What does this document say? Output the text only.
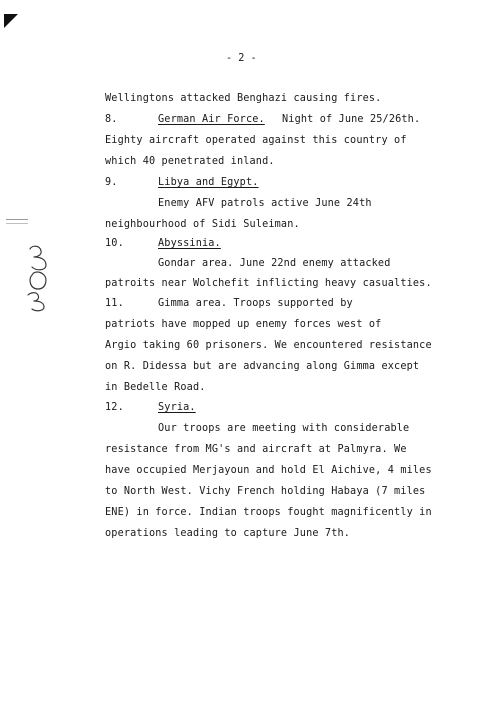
- 2 -
Wellingtons attacked Benghazi causing fires.
8.	German Air Force. Night of June 25/26th.
Eighty aircraft operated against this country of
which 40 penetrated inland.
9.	Libya and Egypt.
Enemy AFV patrols active June 24th
neighbourhood of Sidi Suleiman.
10.	Abyssinia.
Gondar area. June 22nd enemy attacked
patroits near Wolchefit inflicting heavy casualties.
11.	Gimma area. Troops supported by
patriots have mopped up enemy forces west of
Argio taking 60 prisoners. We encountered resistance
on R. Didessa but are advancing along Gimma except
in Bedelle Road.
12.	Syria.
Our troops are meeting with considerable
resistance from MG's and aircraft at Palmyra. We
have occupied Merjayoun and hold El Aichive, 4 miles
to North West. Vichy French holding Habaya (7 miles
ENE) in force. Indian troops fought magnificently in
operations leading to capture June 7th.
